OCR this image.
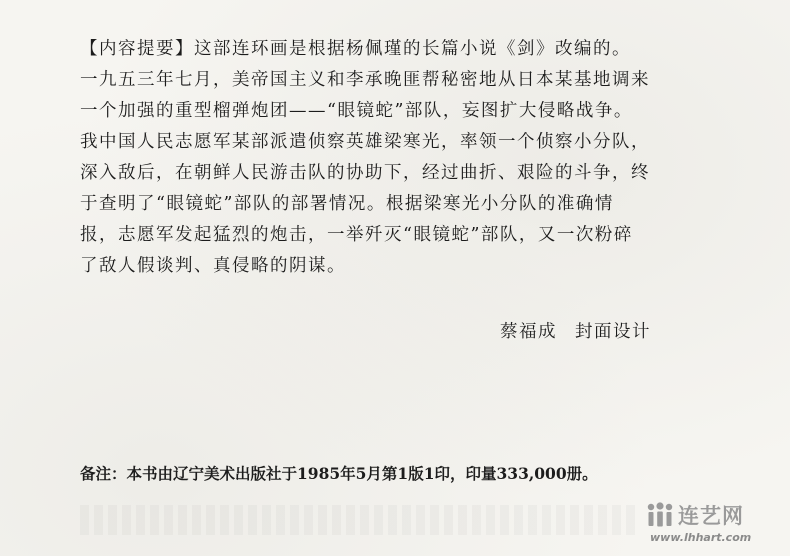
【内容提要】这部连环画是根据杨佩瑾的长篇小说《剑》改编的。
一九五三年七月，美帝国主义和李承晚匪帮秘密地从日本某基地调来
一个加强的重型榴弹炮团——“眼镜蛇”部队，妄图扩大侵略战争。
我中国人民志愿军某部派遣侦察英雄梁寒光，率领一个侦察小分队，
深入敌后，在朝鲜人民游击队的协助下，经过曲折、艰险的斗争，终
于查明了“眼镜蛇”部队的部署情况。根据梁寒光小分队的准确情
报，志愿军发起猛烈的炮击，一举歼灭“眼镜蛇”部队，又一次粉碎
了敌人假谈判、真侵略的阴谋。
蔡福成 封面设计
备注：本书由辽宁美术出版社于1985年5月第1版1印，印量333,000册。
连艺网
www.lhhart.com
